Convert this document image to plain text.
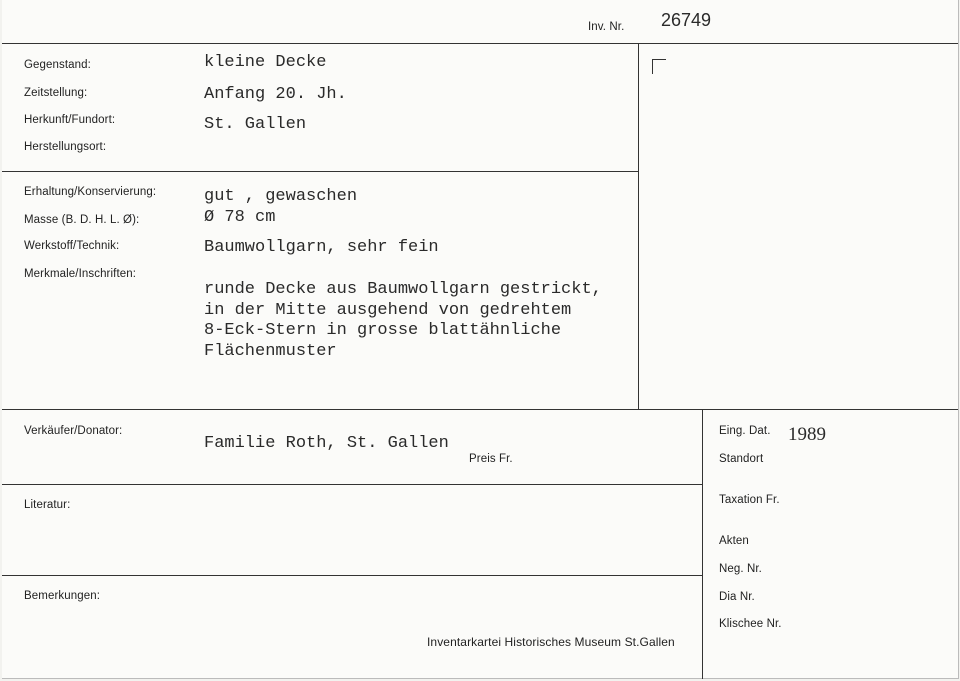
Inv. Nr. 26749
Gegenstand:	kleine Decke
Zeitstellung:	Anfang 20. Jh.
Herkunft/Fundort:	St. Gallen
Herstellungsort:
Erhaltung/Konservierung:	gut , gewaschen
Masse (B. D. H. L. Ø):	Ø 78 cm
Werkstoff/Technik:	Baumwollgarn, sehr fein
Merkmale/Inschriften:
runde Decke aus Baumwollgarn gestrickt,
in der Mitte ausgehend von gedrehtem
8-Eck-Stern in grosse blattähnliche
Flächenmuster
Verkäufer/Donator:
Familie Roth, St. Gallen
Preis Fr.
Literatur:
Bemerkungen:
Inventarkartei Historisches Museum St.Gallen
Eing. Dat. 1989
Standort
Taxation Fr.
Akten
Neg. Nr.
Dia Nr.
Klischee Nr.
